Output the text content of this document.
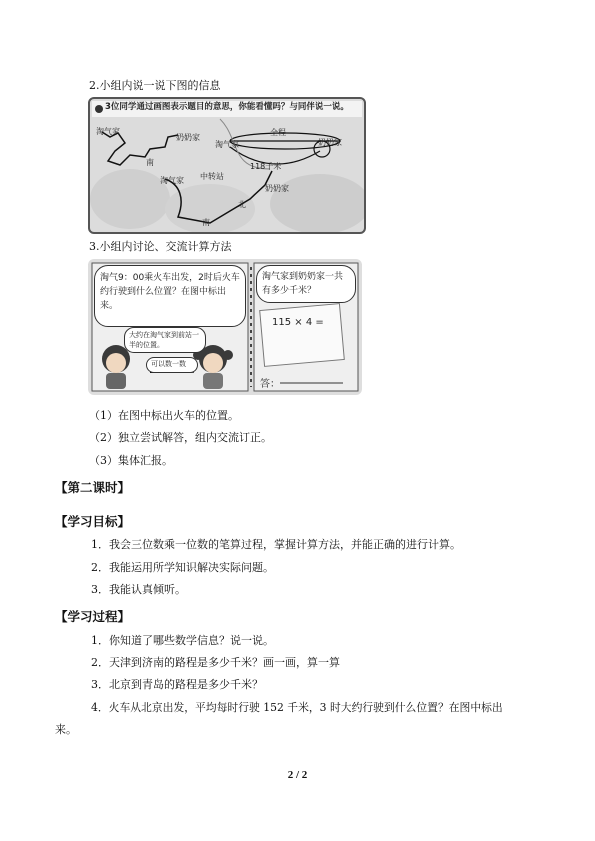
2.小组内说一说下图的信息
3位同学通过画图表示题目的意思，你能看懂吗？与同伴说一说。
淘气家
奶奶家
南
淘气家
奶奶家
北
南
中转站
淘气家	奶奶家
全程
118千米
3.小组内讨论、交流计算方法
淘气9：00乘火车出发，2时后火车约行驶到什么位置？在图中标出来。
淘气家到奶奶家一共有多少千米？
大约在淘气家到前站一半的位置。
可以数一数
115 × 4 =
答：
（1）在图中标出火车的位置。
（2）独立尝试解答，组内交流订正。
（3）集体汇报。
【第二课时】
【学习目标】
1．我会三位数乘一位数的笔算过程，掌握计算方法，并能正确的进行计算。
2．我能运用所学知识解决实际问题。
3．我能认真倾听。
【学习过程】
1．你知道了哪些数学信息？说一说。
2．天津到济南的路程是多少千米？画一画，算一算
3．北京到青岛的路程是多少千米？
4．火车从北京出发，平均每时行驶 152 千米，3 时大约行驶到什么位置？在图中标出
来。
2 / 2
